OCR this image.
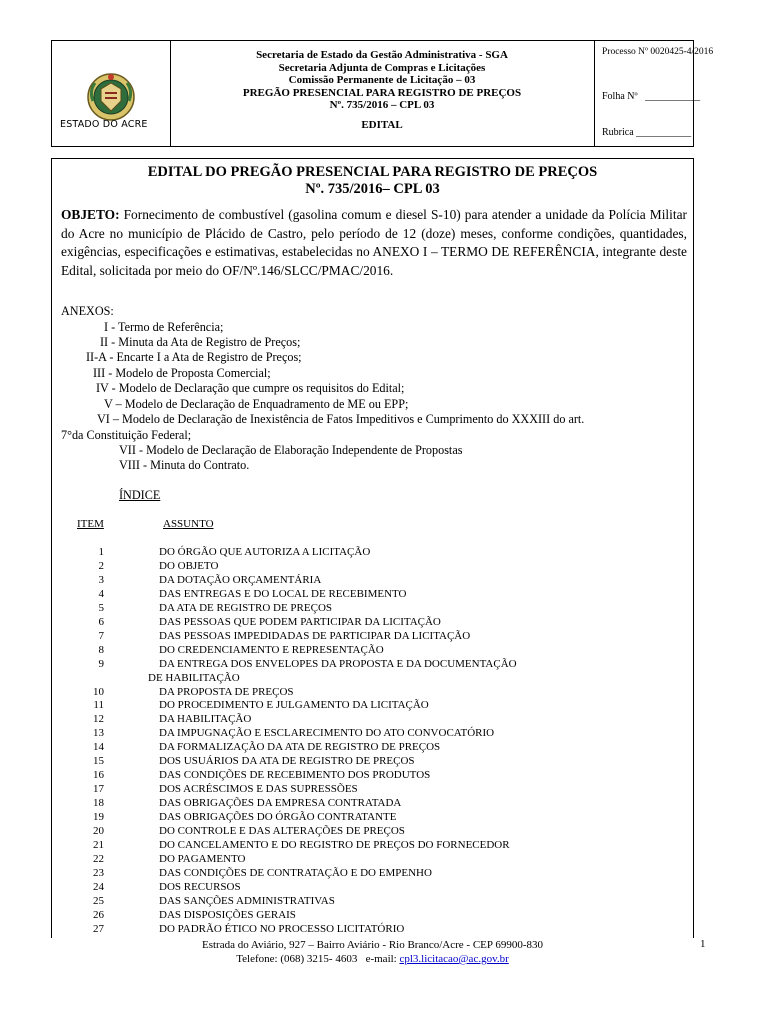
ESTADO DO ACRE
Secretaria de Estado da Gestão Administrativa - SGA
Secretaria Adjunta de Compras e Licitações
Comissão Permanente de Licitação – 03
PREGÃO PRESENCIAL PARA REGISTRO DE PREÇOS
Nº. 735/2016 – CPL 03
EDITAL
Processo Nº 0020425-4/2016
Folha Nº   ___________
Rubrica ___________
EDITAL DO PREGÃO PRESENCIAL PARA REGISTRO DE PREÇOS
Nº. 735/2016– CPL 03
OBJETO: Fornecimento de combustível (gasolina comum e diesel S-10) para atender a unidade da Polícia Militar do Acre no município de Plácido de Castro, pelo período de 12 (doze) meses, conforme condições, quantidades, exigências, especificações e estimativas, estabelecidas no ANEXO I – TERMO DE REFERÊNCIA, integrante deste Edital, solicitada por meio do OF/Nº.146/SLCC/PMAC/2016.
ANEXOS:
I - Termo de Referência;
II - Minuta da Ata de Registro de Preços;
II-A - Encarte I a Ata de Registro de Preços;
III - Modelo de Proposta Comercial;
IV - Modelo de Declaração que cumpre os requisitos do Edital;
V – Modelo de Declaração de Enquadramento de ME ou EPP;
VI – Modelo de Declaração de Inexistência de Fatos Impeditivos e Cumprimento do XXXIII do art.
7°da Constituição Federal;
VII - Modelo de Declaração de Elaboração Independente de Propostas
VIII - Minuta do Contrato.
ÍNDICE
ITEM	ASSUNTO
1	DO ÓRGÃO QUE AUTORIZA A LICITAÇÃO
2	DO OBJETO
3	DA DOTAÇÃO ORÇAMENTÁRIA
4	DAS ENTREGAS E DO LOCAL DE RECEBIMENTO
5	DA ATA DE REGISTRO DE PREÇOS
6	DAS PESSOAS QUE PODEM PARTICIPAR DA LICITAÇÃO
7	DAS PESSOAS IMPEDIDADAS DE PARTICIPAR DA LICITAÇÃO
8	DO CREDENCIAMENTO E REPRESENTAÇÃO
9	DA ENTREGA DOS ENVELOPES DA PROPOSTA E DA DOCUMENTAÇÃO
DE HABILITAÇÃO
10	DA PROPOSTA DE PREÇOS
11	DO PROCEDIMENTO E JULGAMENTO DA LICITAÇÃO
12	DA HABILITAÇÃO
13	DA IMPUGNAÇÃO E ESCLARECIMENTO DO ATO CONVOCATÓRIO
14	DA FORMALIZAÇÃO DA ATA DE REGISTRO DE PREÇOS
15	DOS USUÁRIOS DA ATA DE REGISTRO DE PREÇOS
16	DAS CONDIÇÕES DE RECEBIMENTO DOS PRODUTOS
17	DOS ACRÉSCIMOS E DAS SUPRESSÕES
18	DAS OBRIGAÇÕES DA EMPRESA CONTRATADA
19	DAS OBRIGAÇÕES DO ÓRGÃO CONTRATANTE
20	DO CONTROLE E DAS ALTERAÇÕES DE PREÇOS
21	DO CANCELAMENTO E DO REGISTRO DE PREÇOS DO FORNECEDOR
22	DO PAGAMENTO
23	DAS CONDIÇÕES DE CONTRATAÇÃO E DO EMPENHO
24	DOS RECURSOS
25	DAS SANÇÕES ADMINISTRATIVAS
26	DAS DISPOSIÇÕES GERAIS
27	DO PADRÃO ÉTICO NO PROCESSO LICITATÓRIO
Estrada do Aviário, 927 – Bairro Aviário - Rio Branco/Acre - CEP 69900-830
Telefone: (068) 3215- 4603   e-mail: cpl3.licitacao@ac.gov.br
1
